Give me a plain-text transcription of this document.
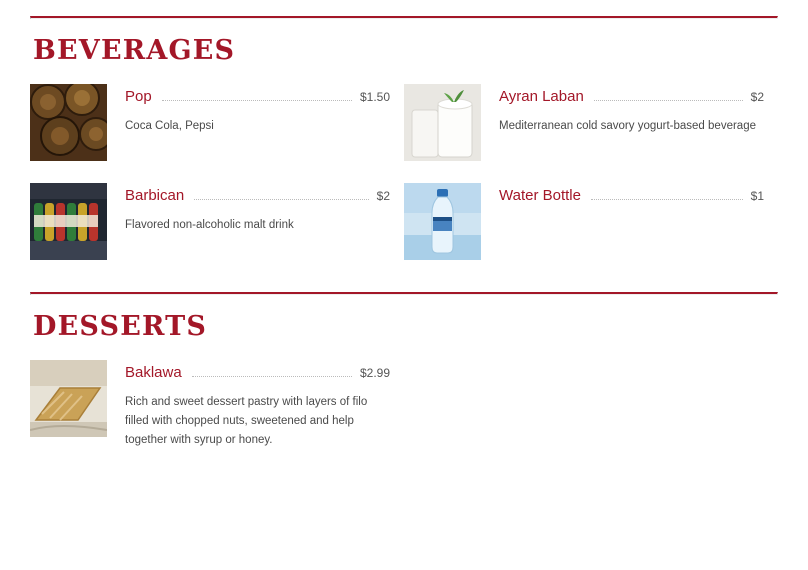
BEVERAGES
Pop	$1.50
Coca Cola, Pepsi
Ayran Laban	$2
Mediterranean cold savory yogurt-based beverage
Barbican	$2
Flavored non-alcoholic malt drink
Water Bottle	$1
DESSERTS
Baklawa	$2.99
Rich and sweet dessert pastry with layers of filo filled with chopped nuts, sweetened and help together with syrup or honey.
